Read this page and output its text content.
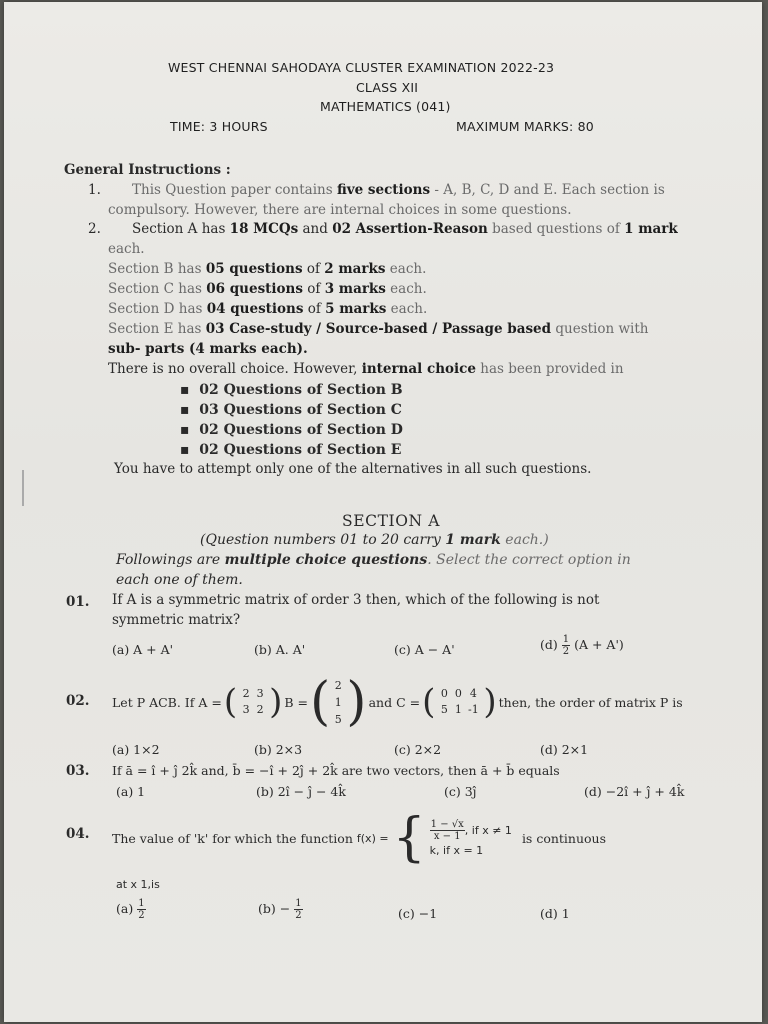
WEST CHENNAI SAHODAYA CLUSTER EXAMINATION 2022-23
CLASS XII
MATHEMATICS (041)
TIME: 3 HOURS	MAXIMUM MARKS: 80
General Instructions :
1. This Question paper contains five sections - A, B, C, D and E. Each section is
compulsory. However, there are internal choices in some questions.
2. Section A has 18 MCQs and 02 Assertion-Reason based questions of 1 mark
each.
Section B has 05 questions of 2 marks each.
Section C has 06 questions of 3 marks each.
Section D has 04 questions of 5 marks each.
Section E has 03 Case-study / Source-based / Passage based question with
sub- parts (4 marks each).
There is no overall choice. However, internal choice has been provided in
▪  02 Questions of Section B
▪  03 Questions of Section C
▪  02 Questions of Section D
▪  02 Questions of Section E
You have to attempt only one of the alternatives in all such questions.
SECTION A
(Question numbers 01 to 20 carry 1 mark each.)
Followings are multiple choice questions. Select the correct option in
each one of them.
01. If A is a symmetric matrix of order 3 then, which of the following is not
symmetric matrix?
(a) A + A'	(b) A. A'	(c) A − A'	$(d) \frac{1}{2} (A + A')$
02. Let P ACB. If A = ( 2 3
3 2 ) B = ( 2
1
5 ) and C = ( 0 0 4
5 1 -1 ) then, the order of matrix P is
(a) 1×2	(b) 2×3	(c) 2×2	(d) 2×1
03. If ā = î + ĵ 2k̂ and, b̄ = −î + 2ĵ + 2k̂ are two vectors, then ā + b̄ equals
(a) 1	(b) 2î − ĵ − 4k̂	(c) 3ĵ	(d) −2î + ĵ + 4k̂
04. The value of 'k' for which the function f(x) = { $\frac{1 - √x}{x - 1}$ , if x ≠ 1
k, if x = 1
is continuous
at x 1,is
$(a) \frac{1}{2}$	$(b) - \frac{1}{2}$	(c) −1	(d) 1
